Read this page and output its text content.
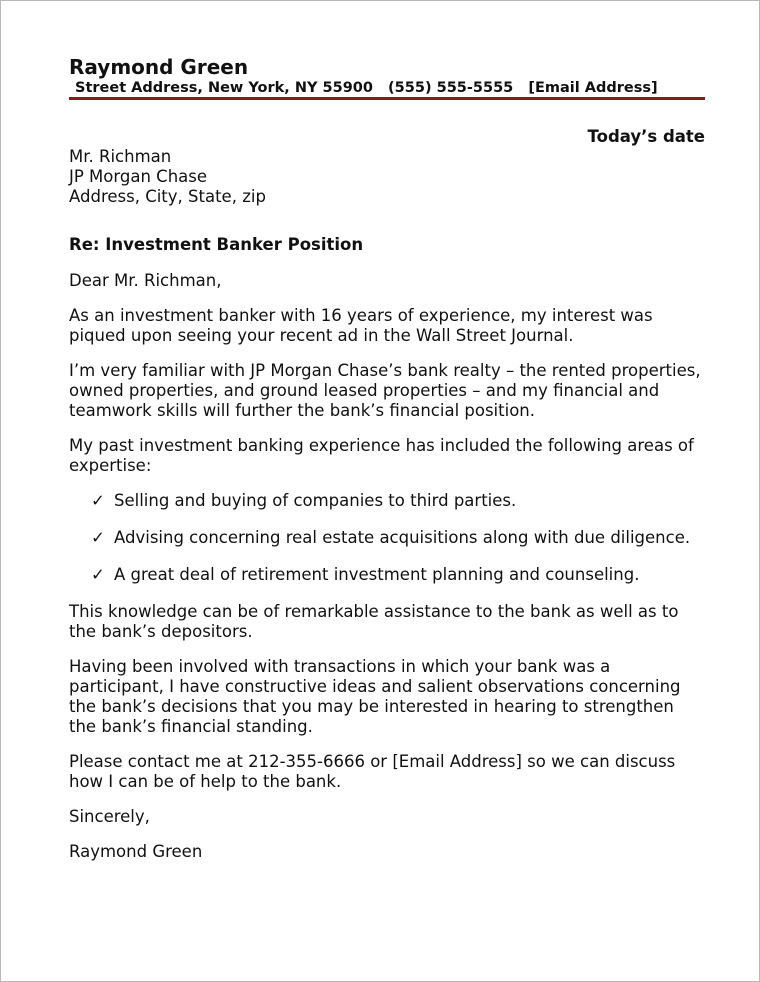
Raymond Green
Street Address, New York, NY 55900 (555) 555-5555 [Email Address]
Today’s date
Mr. Richman
JP Morgan Chase
Address, City, State, zip
Re: Investment Banker Position

Dear Mr. Richman,

As an investment banker with 16 years of experience, my interest was piqued upon seeing your recent ad in the Wall Street Journal.

I’m very familiar with JP Morgan Chase’s bank realty – the rented properties, owned properties, and ground leased properties – and my financial and teamwork skills will further the bank’s financial position.

My past investment banking experience has included the following areas of expertise:

✓ Selling and buying of companies to third parties.
✓ Advising concerning real estate acquisitions along with due diligence.
✓ A great deal of retirement investment planning and counseling.

This knowledge can be of remarkable assistance to the bank as well as to the bank’s depositors.

Having been involved with transactions in which your bank was a participant, I have constructive ideas and salient observations concerning the bank’s decisions that you may be interested in hearing to strengthen the bank’s financial standing.

Please contact me at 212-355-6666 or [Email Address] so we can discuss how I can be of help to the bank.

Sincerely,

Raymond Green
